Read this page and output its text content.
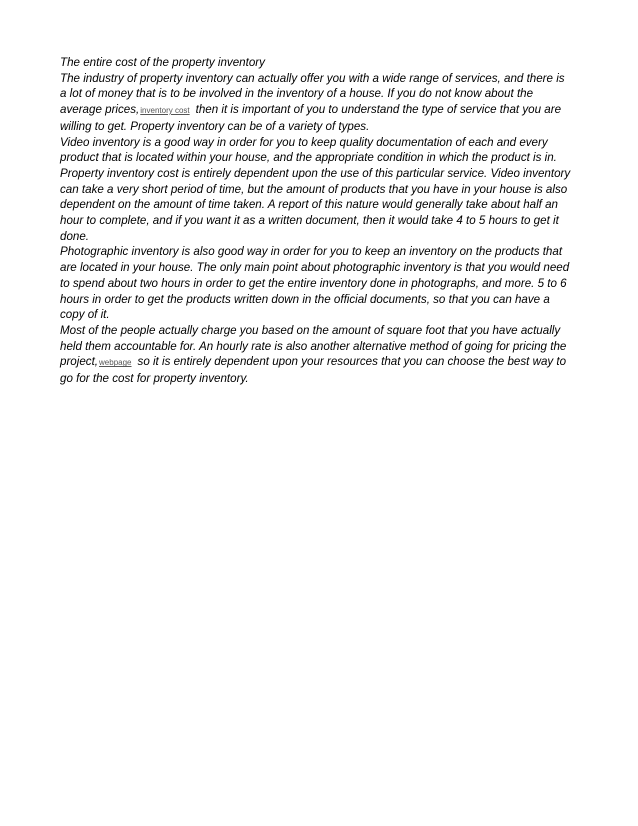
The entire cost of the property inventory

The industry of property inventory can actually offer you with a wide range of services, and there is
a lot of money that is to be involved in the inventory of a house. If you do not know about the
average prices,inventory cost then it is important of you to understand the type of service that you are
willing to get. Property inventory can be of a variety of types.

Video inventory is a good way in order for you to keep quality documentation of each and every
product that is located within your house, and the appropriate condition in which the product is in.

Property inventory cost is entirely dependent upon the use of this particular service. Video inventory
can take a very short period of time, but the amount of products that you have in your house is also
dependent on the amount of time taken. A report of this nature would generally take about half an
hour to complete, and if you want it as a written document, then it would take 4 to 5 hours to get it
done.

Photographic inventory is also good way in order for you to keep an inventory on the products that
are located in your house. The only main point about photographic inventory is that you would need
to spend about two hours in order to get the entire inventory done in photographs, and more. 5 to 6
hours in order to get the products written down in the official documents, so that you can have a
copy of it.

Most of the people actually charge you based on the amount of square foot that you have actually
held them accountable for. An hourly rate is also another alternative method of going for pricing the
project,webpage so it is entirely dependent upon your resources that you can choose the best way to
go for the cost for property inventory.
